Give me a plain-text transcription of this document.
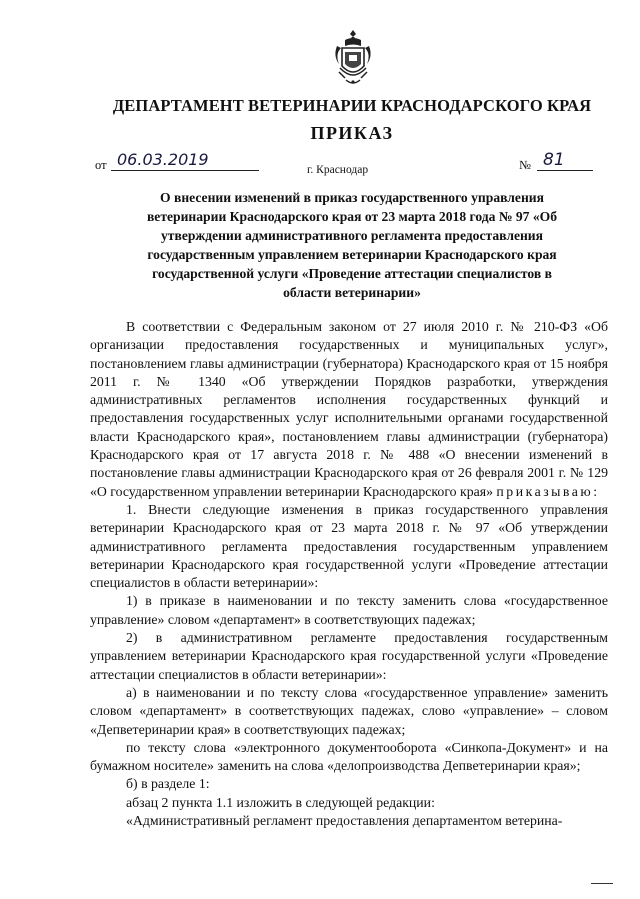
ДЕПАРТАМЕНТ ВЕТЕРИНАРИИ КРАСНОДАРСКОГО КРАЯ
ПРИКАЗ
от 06.03.2019
г. Краснодар	№ 81
О внесении изменений в приказ государственного управления ветеринарии Краснодарского края от 23 марта 2018 года № 97 «Об утверждении административного регламента предоставления государственным управлением ветеринарии Краснодарского края государственной услуги «Проведение аттестации специалистов в области ветеринарии»

В соответствии с Федеральным законом от 27 июля 2010 г. № 210-ФЗ «Об организации предоставления государственных и муниципальных услуг», постановлением главы администрации (губернатора) Краснодарского края от 15 ноября 2011 г. № 1340 «Об утверждении Порядков разработки, утверждения административных регламентов исполнения государственных функций и предоставления государственных услуг исполнительными органами государственной власти Краснодарского края», постановлением главы администрации (губернатора) Краснодарского края от 17 августа 2018 г. № 488 «О внесении изменений в постановление главы администрации Краснодарского края от 26 февраля 2001 г. № 129 «О государственном управлении ветеринарии Краснодарского края» приказываю:

1. Внести следующие изменения в приказ государственного управления ветеринарии Краснодарского края от 23 марта 2018 г. № 97 «Об утверждении административного регламента предоставления государственным управлением ветеринарии Краснодарского края государственной услуги «Проведение аттестации специалистов в области ветеринарии»:

1) в приказе в наименовании и по тексту заменить слова «государственное управление» словом «департамент» в соответствующих падежах;

2) в административном регламенте предоставления государственным управлением ветеринарии Краснодарского края государственной услуги «Проведение аттестации специалистов в области ветеринарии»:

а) в наименовании и по тексту слова «государственное управление» заменить словом «департамент» в соответствующих падежах, слово «управление» – словом «Депветеринарии края» в соответствующих падежах;

по тексту слова «электронного документооборота «Синкопа-Документ» и на бумажном носителе» заменить на слова «делопроизводства Депветеринарии края»;

б) в разделе 1:

абзац 2 пункта 1.1 изложить в следующей редакции:

«Административный регламент предоставления департаментом ветерина-
